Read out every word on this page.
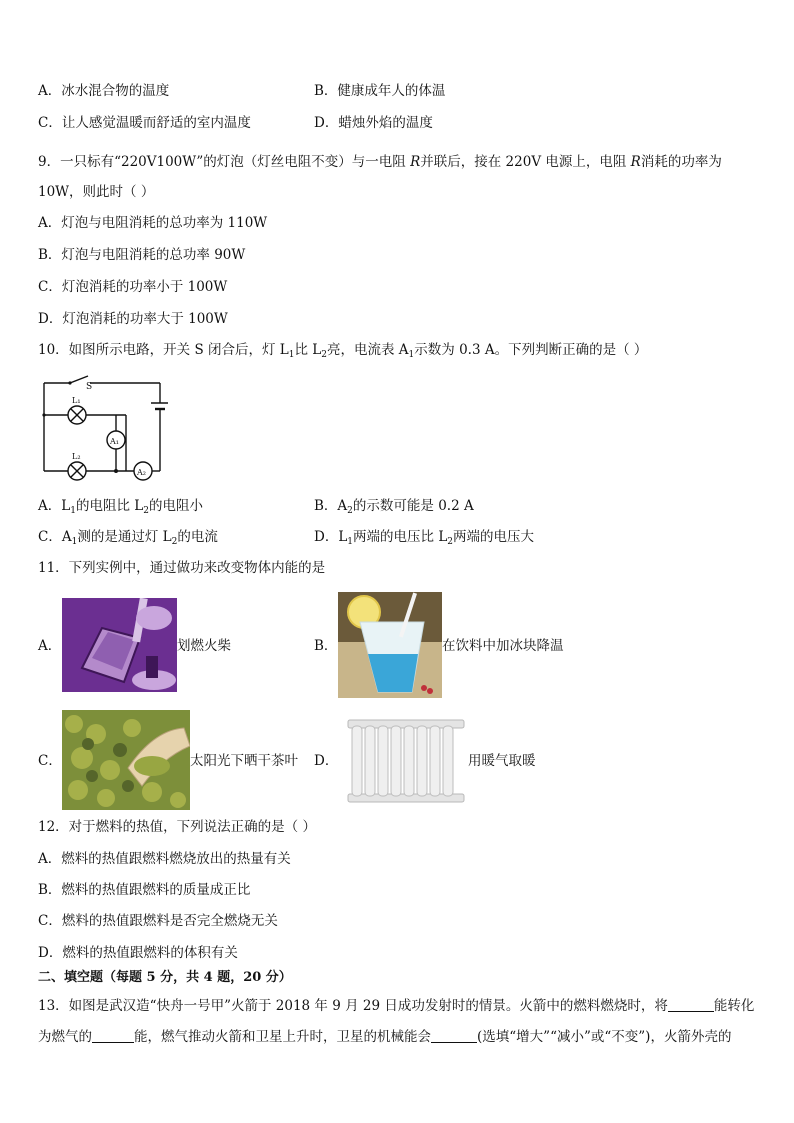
A．冰水混合物的温度	B．健康成年人的体温
C．让人感觉温暖而舒适的室内温度	D．蜡烛外焰的温度
9．一只标有“220V100W”的灯泡（灯丝电阻不变）与一电阻 R并联后，接在 220V 电源上，电阻 R消耗的功率为
10W，则此时（ ）
A．灯泡与电阻消耗的总功率为 110W
B．灯泡与电阻消耗的总功率 90W
C．灯泡消耗的功率小于 100W
D．灯泡消耗的功率大于 100W
10．如图所示电路，开关 S 闭合后，灯 $L_1$比 $L_2$亮，电流表 $A_1$示数为 0.3 A。下列判断正确的是（ ）
S
L₁
L₂
A₁
A₂
A．$L_1$的电阻比 $L_2$的电阻小	B．$A_2$的示数可能是 0.2 A
C．$A_1$测的是通过灯 $L_2$的电流	D．$L_1$两端的电压比 $L_2$两端的电压大
11．下列实例中，通过做功来改变物体内能的是
A．	划燃火柴	B．	在饮料中加冰块降温
C．	太阳光下晒干茶叶 D．	用暖气取暖
12．对于燃料的热值，下列说法正确的是（ ）
A．燃料的热值跟燃料燃烧放出的热量有关
B．燃料的热值跟燃料的质量成正比
C．燃料的热值跟燃料是否完全燃烧无关
D．燃料的热值跟燃料的体积有关
二、填空题（每题 5 分，共 4 题，20 分）
13．如图是武汉造“快舟一号甲”火箭于 2018 年 9 月 29 日成功发射时的情景。火箭中的燃料燃烧时，将	能转化
为燃气的	能，燃气推动火箭和卫星上升时，卫星的机械能会	(选填“增大”“减小”或“不变”)，火箭外壳的
